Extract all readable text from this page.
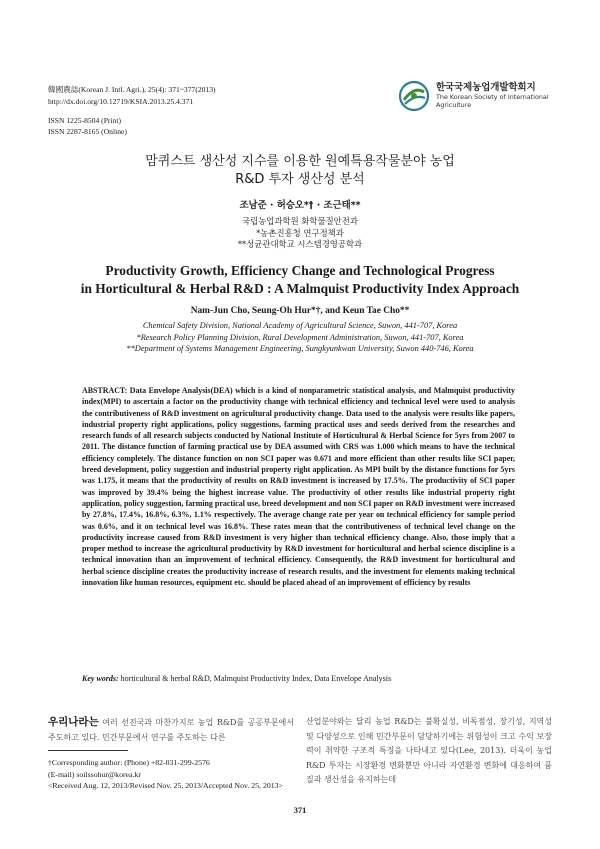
韓國農誌(Korean J. Intl. Agri.), 25(4): 371~377(2013)
http://dx.doi.org/10.12719/KSIA.2013.25.4.371
ISSN 1225-8504 (Print)
ISSN 2287-8165 (Online)
한국국제농업개발학회지
The Korean Society of International
Agriculture
맘퀴스트 생산성 지수를 이용한 원예특용작물분야 농업
R&D 투자 생산성 분석
조남준 · 허승오*† · 조근태**
국립농업과학원 화학물질안전과
*농촌진흥청 연구정책과
**성균관대학교 시스템경영공학과
Productivity Growth, Efficiency Change and Technological Progress
in Horticultural & Herbal R&D : A Malmquist Productivity Index Approach
Nam-Jun Cho, Seung-Oh Hur*†, and Keun Tae Cho**
Chemical Safety Division, National Academy of Agricultural Science, Suwon, 441-707, Korea
*Research Policy Planning Division, Rural Development Administration, Suwon, 441-707, Korea
**Department of Systems Management Engineering, Sungkyunkwan University, Suwon 440-746, Korea
ABSTRACT: Data Envelope Analysis(DEA) which is a kind of nonparametric statistical analysis, and Malmquist productivity index(MPI) to ascertain a factor on the productivity change with technical efficiency and technical level were used to analysis the contributiveness of R&D investment on agricultural productivity change. Data used to the analysis were results like papers, industrial property right applications, policy suggestions, farming practical uses and seeds derived from the researches and research funds of all research subjects conducted by National Institute of Horticultural & Herbal Science for 5yrs from 2007 to 2011. The distance function of farming practical use by DEA assumed with CRS was 1.000 which means to have the technical efficiency completely. The distance function on non SCI paper was 0.671 and more efficient than other results like SCI paper, breed development, policy suggestion and industrial property right application. As MPI built by the distance functions for 5yrs was 1.175, it means that the productivity of results on R&D investment is increased by 17.5%. The productivity of SCI paper was improved by 39.4% being the highest increase value. The productivity of other results like industrial property right application, policy suggestion, farming practical use, breed development and non SCI paper on R&D investment were increased by 27.8%, 17.4%, 16.8%, 6.3%, 1.1% respectively. The average change rate per year on technical efficiency for sample period was 0.6%, and it on technical level was 16.8%. These rates mean that the contributiveness of technical level change on the productivity increase caused from R&D investment is very higher than technical efficiency change. Also, those imply that a proper method to increase the agricultural productivity by R&D investment for horticultural and herbal science discipline is a technical innovation than an improvement of technical efficiency. Consequently, the R&D investment for horticultural and herbal science discipline creates the productivity increase of research results, and the investment for elements making technical innovation like human resources, equipment etc. should be placed ahead of an improvement of efficiency by results
Key words: horticultural & herbal R&D, Malmquist Productivity Index, Data Envelope Analysis
우리나라는 여러 선진국과 마찬가지로 농업 R&D를 공공부문에서 주도하고 있다. 민간부문에서 연구를 주도하는 다른
산업분야와는 달리 농업 R&D는 불확실성, 비독점성, 장기성, 지역성 및 다양성으로 인해 민간부문이 담당하기에는 위험성이 크고 수익 보장력이 취약한 구조적 특징을 나타내고 있다(Lee, 2013). 더욱이 농업 R&D 투자는 시장환경 변화뿐만 아니라 자연환경 변화에 대응하여 품질과 생산성을 유지하는데
†Corresponding author: (Phone) +82-031-299-2576
(E-mail) soilssohur@korea.kr
<Received Aug. 12, 2013/Revised Nov. 25, 2013/Accepted Nov. 25, 2013>
371
